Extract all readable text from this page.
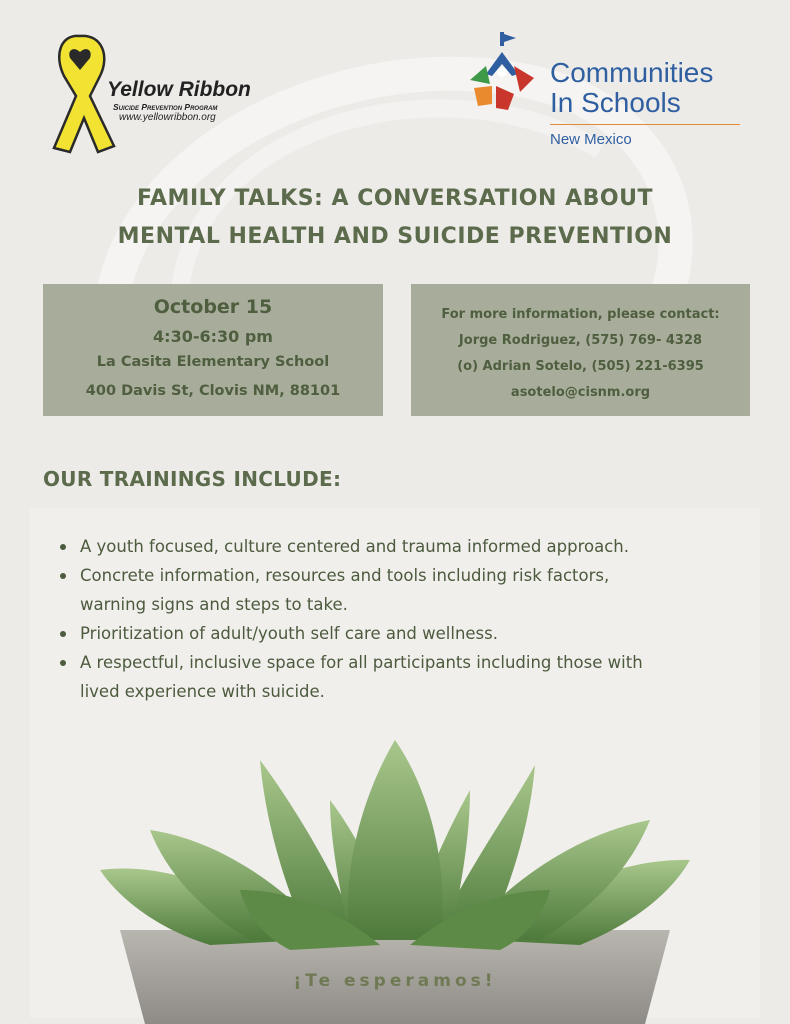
Yellow Ribbon

Suicide Prevention Program

www.yellowribbon.org

Communities

In Schools

New Mexico

FAMILY TALKS: A CONVERSATION ABOUT
MENTAL HEALTH AND SUICIDE PREVENTION
October 15
4:30-6:30 pm
La Casita Elementary School
400 Davis St, Clovis NM, 88101
For more information, please contact:
Jorge Rodriguez, (575) 769- 4328
(o) Adrian Sotelo, (505) 221-6395
asotelo@cisnm.org

OUR TRAININGS INCLUDE:

A youth focused, culture centered and trauma informed approach.
Concrete information, resources and tools including risk factors,
warning signs and steps to take.
Prioritization of adult/youth self care and wellness.
A respectful, inclusive space for all participants including those with
lived experience with suicide.

¡Te esperamos!
